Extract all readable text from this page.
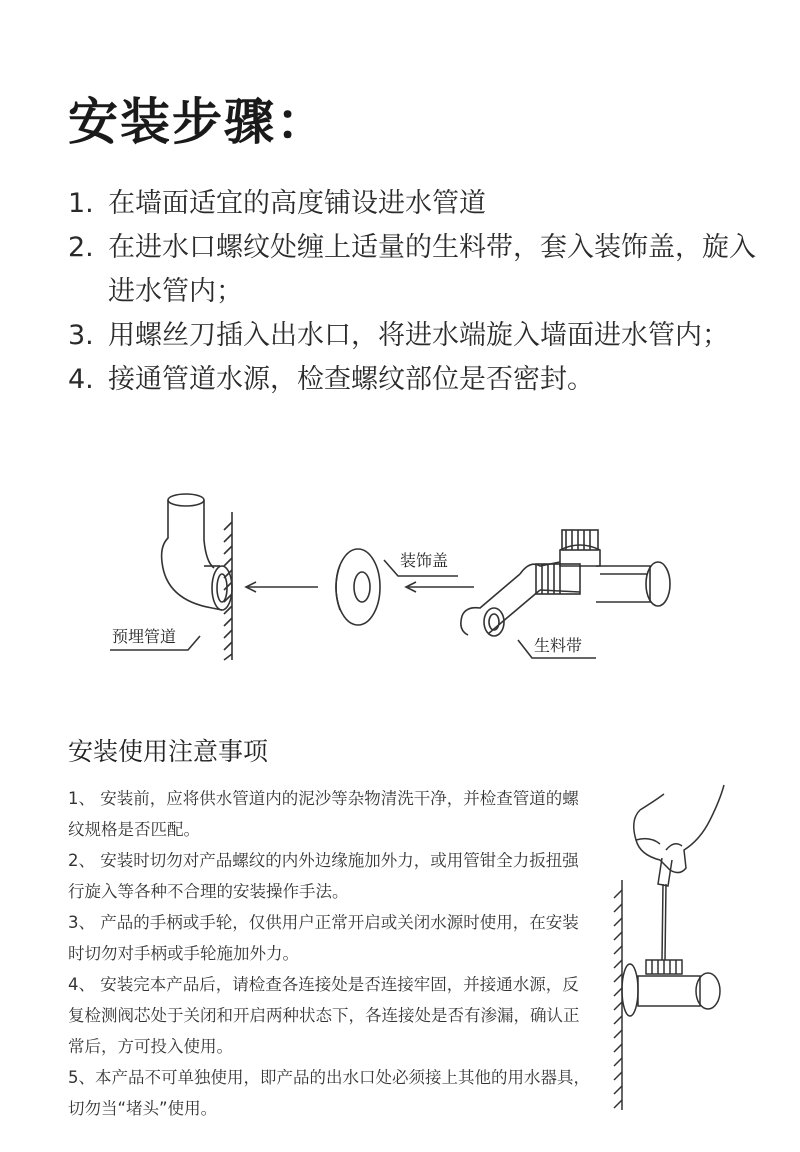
安装步骤：
1. 在墙面适宜的高度铺设进水管道
2. 在进水口螺纹处缠上适量的生料带，套入装饰盖，旋入进水管内；
3. 用螺丝刀插入出水口，将进水端旋入墙面进水管内；
4. 接通管道水源，检查螺纹部位是否密封。
预埋管道
装饰盖
生料带
安装使用注意事项
1、 安装前，应将供水管道内的泥沙等杂物清洗干净，并检查管道的螺纹规格是否匹配。
2、 安装时切勿对产品螺纹的内外边缘施加外力，或用管钳全力扳扭强行旋入等各种不合理的安装操作手法。
3、 产品的手柄或手轮，仅供用户正常开启或关闭水源时使用，在安装时切勿对手柄或手轮施加外力。
4、 安装完本产品后，请检查各连接处是否连接牢固，并接通水源，反复检测阀芯处于关闭和开启两种状态下，各连接处是否有渗漏，确认正常后，方可投入使用。
5、本产品不可单独使用，即产品的出水口处必须接上其他的用水器具，切勿当“堵头”使用。
